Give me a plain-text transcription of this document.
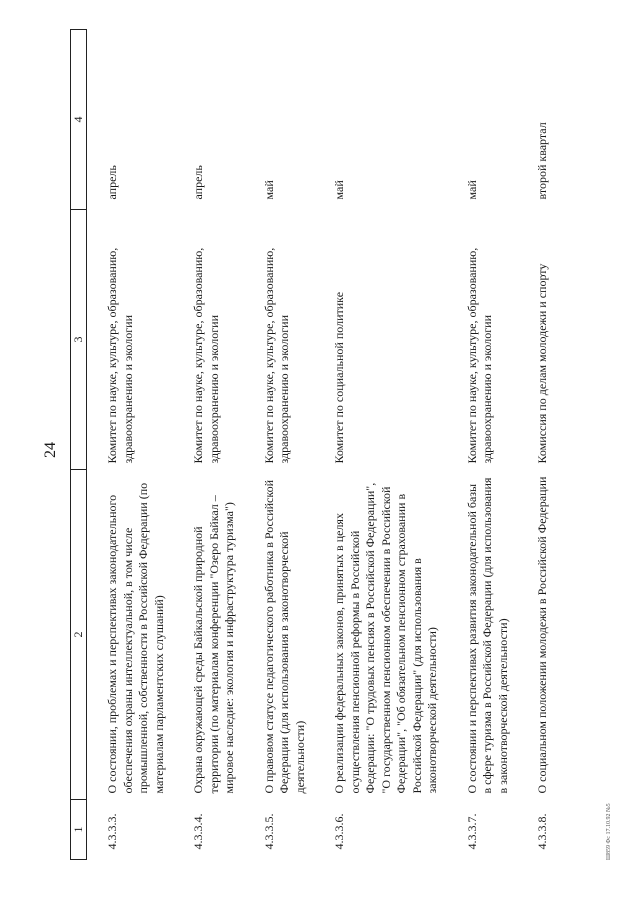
24
1	2	3	4
4.3.3.3.	О состоянии, проблемах и перспективах законодательного обеспечения охраны интеллектуальной, в том числе промышленной, собственности в Российской Федерации (по материалам парламентских слушаний)	Комитет по науке, культуре, образованию, здравоохранению и экологии	апрель
4.3.3.4.	Охрана окружающей среды Байкальской природной территории (по материалам конференции "Озеро Байкал – мировое наследие: экология и инфраструктура туризма")	Комитет по науке, культуре, образованию, здравоохранению и экологии	апрель
4.3.3.5.	О правовом статусе педагогического работника в Российской Федерации (для использования в законотворческой деятельности)	Комитет по науке, культуре, образованию, здравоохранению и экологии	май
4.3.3.6.	О реализации федеральных законов, принятых в целях осуществления пенсионной реформы в Российской Федерации: "О трудовых пенсиях в Российской Федерации", "О государственном пенсионном обеспечении в Российской Федерации", "Об обязательном пенсионном страховании в Российской Федерации" (для использования в законотворческой деятельности)	Комитет по социальной политике	май
4.3.3.7.	О состоянии и перспективах развития законодательной базы в сфере туризма в Российской Федерации (для использования в законотворческой деятельности)	Комитет по науке, культуре, образованию, здравоохранению и экологии	май
4.3.3.8.	О социальном положении молодежи в Российской Федерации	Комиссия по делам молодежи и спорту	второй квартал
Ш859 Фс 17.10.92 №5
